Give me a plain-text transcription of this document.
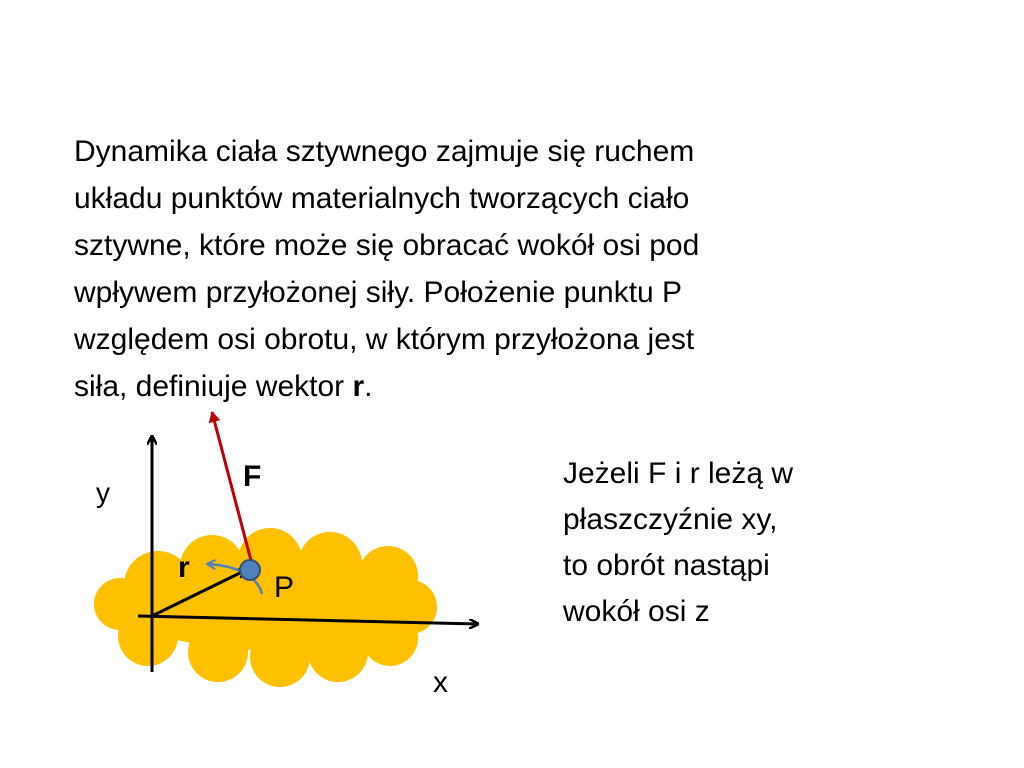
Dynamika ciała sztywnego zajmuje się ruchem
układu punktów materialnych tworzących ciało
sztywne, które może się obracać wokół osi pod
wpływem przyłożonej siły. Położenie punktu P
względem osi obrotu, w którym przyłożona jest
siła, definiuje wektor r.
Jeżeli F i r leżą w
płaszczyźnie xy,
to obrót nastąpi
wokół osi z
y
x
F
r
P
